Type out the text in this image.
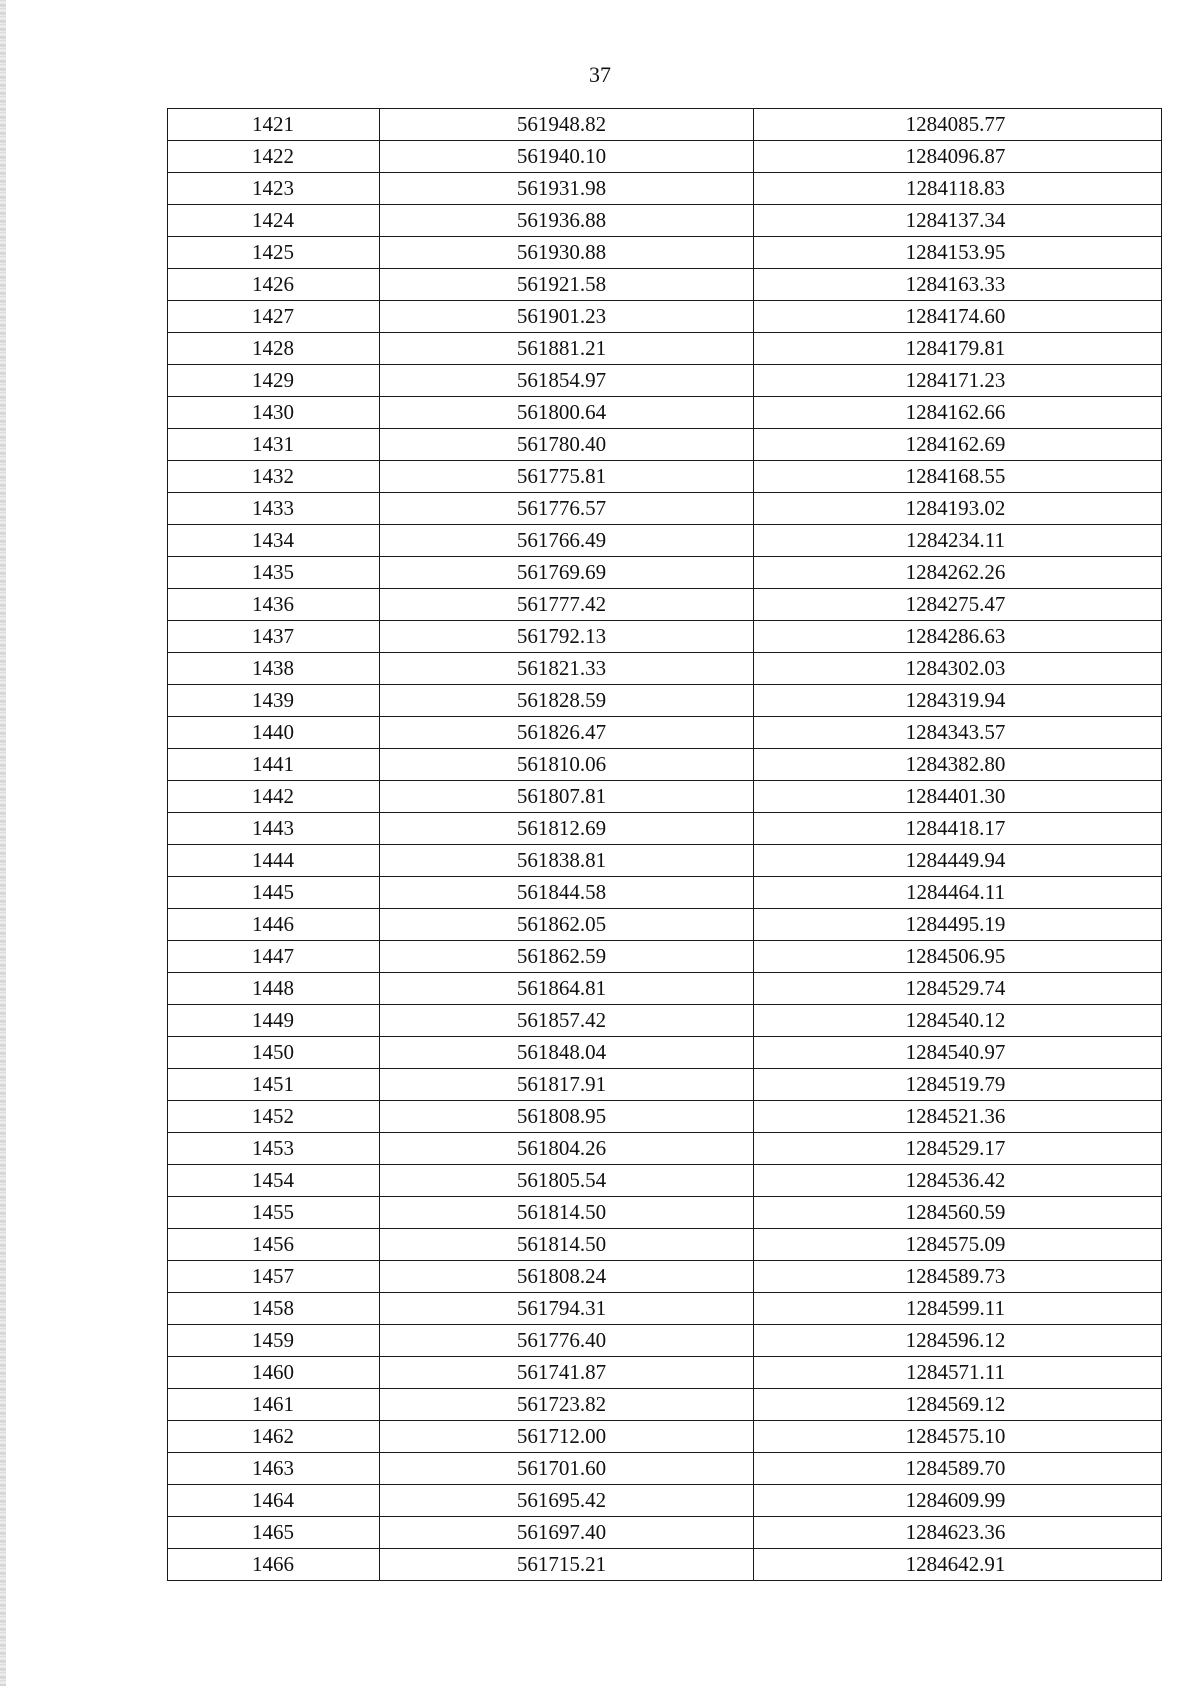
37
1421	561948.82	1284085.77
1422	561940.10	1284096.87
1423	561931.98	1284118.83
1424	561936.88	1284137.34
1425	561930.88	1284153.95
1426	561921.58	1284163.33
1427	561901.23	1284174.60
1428	561881.21	1284179.81
1429	561854.97	1284171.23
1430	561800.64	1284162.66
1431	561780.40	1284162.69
1432	561775.81	1284168.55
1433	561776.57	1284193.02
1434	561766.49	1284234.11
1435	561769.69	1284262.26
1436	561777.42	1284275.47
1437	561792.13	1284286.63
1438	561821.33	1284302.03
1439	561828.59	1284319.94
1440	561826.47	1284343.57
1441	561810.06	1284382.80
1442	561807.81	1284401.30
1443	561812.69	1284418.17
1444	561838.81	1284449.94
1445	561844.58	1284464.11
1446	561862.05	1284495.19
1447	561862.59	1284506.95
1448	561864.81	1284529.74
1449	561857.42	1284540.12
1450	561848.04	1284540.97
1451	561817.91	1284519.79
1452	561808.95	1284521.36
1453	561804.26	1284529.17
1454	561805.54	1284536.42
1455	561814.50	1284560.59
1456	561814.50	1284575.09
1457	561808.24	1284589.73
1458	561794.31	1284599.11
1459	561776.40	1284596.12
1460	561741.87	1284571.11
1461	561723.82	1284569.12
1462	561712.00	1284575.10
1463	561701.60	1284589.70
1464	561695.42	1284609.99
1465	561697.40	1284623.36
1466	561715.21	1284642.91
